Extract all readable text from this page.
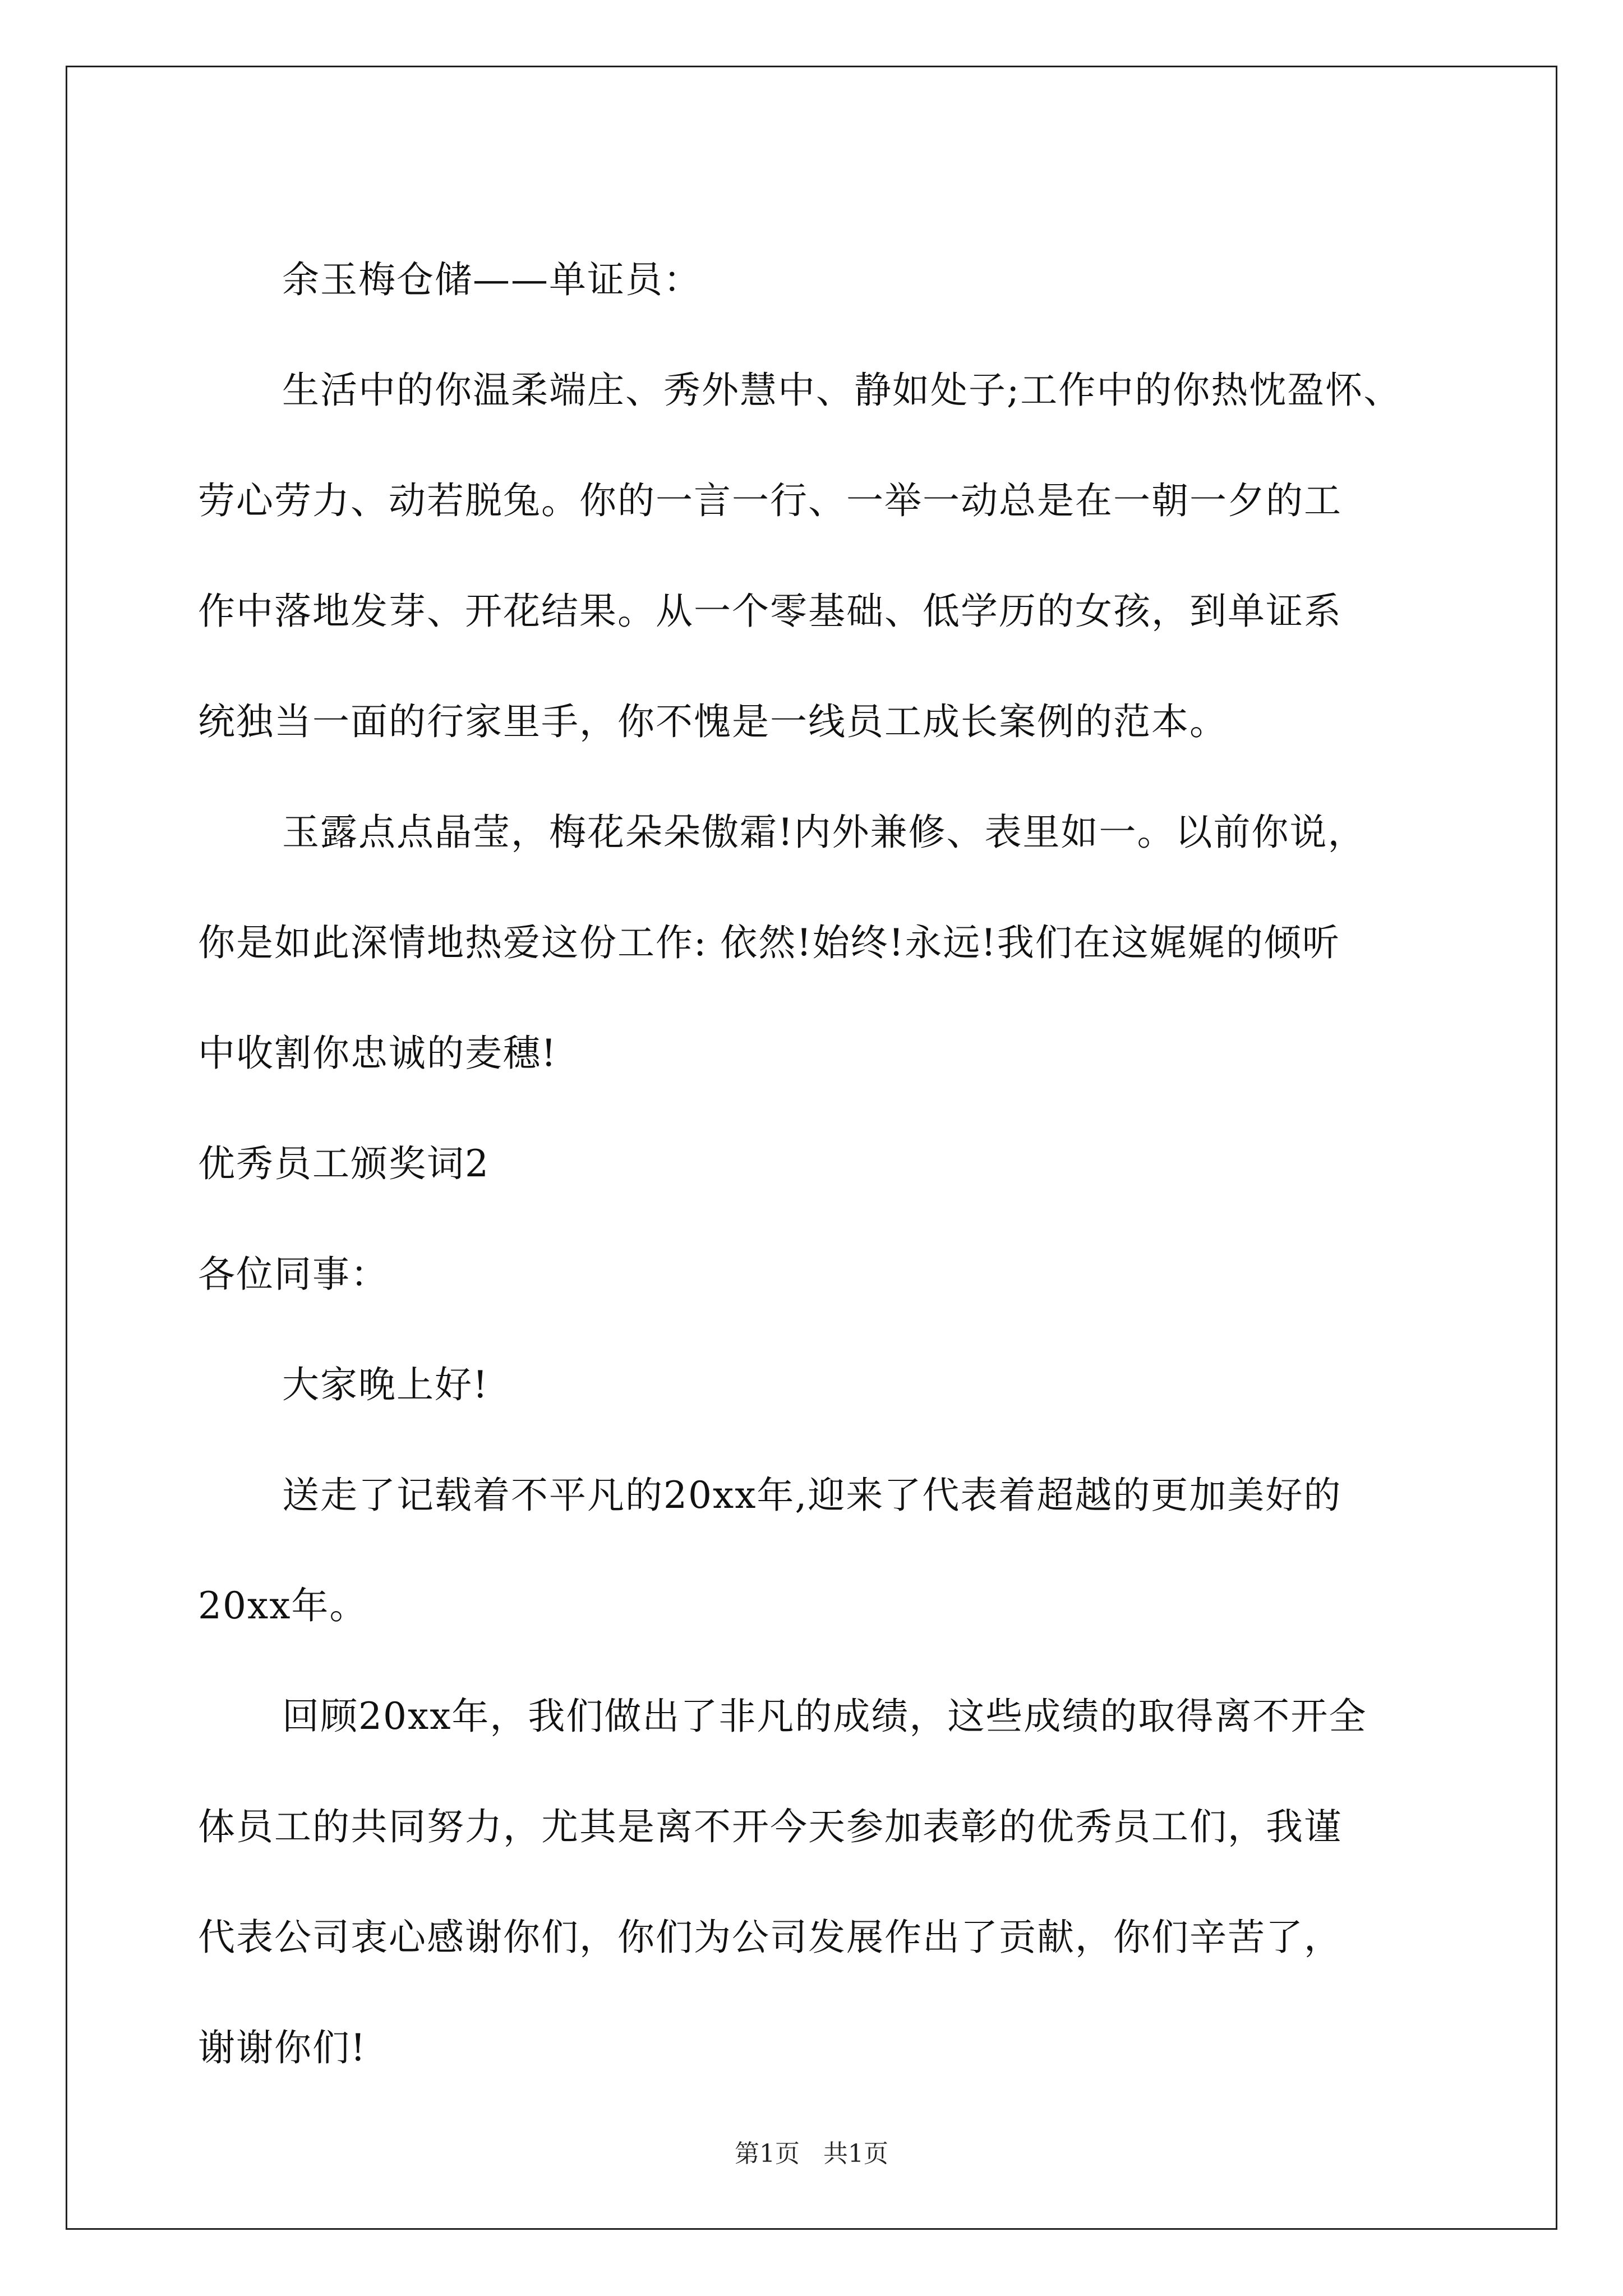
余玉梅仓储——单证员：

生活中的你温柔端庄、秀外慧中、静如处子;工作中的你热忱盈怀、

劳心劳力、动若脱兔。你的一言一行、一举一动总是在一朝一夕的工

作中落地发芽、开花结果。从一个零基础、低学历的女孩，到单证系

统独当一面的行家里手，你不愧是一线员工成长案例的范本。

玉露点点晶莹，梅花朵朵傲霜!内外兼修、表里如一。以前你说，

你是如此深情地热爱这份工作: 依然!始终!永远!我们在这娓娓的倾听

中收割你忠诚的麦穗!

优秀员工颁奖词2

各位同事：

大家晚上好!

送走了记载着不平凡的20xx年,迎来了代表着超越的更加美好的

20xx年。

回顾20xx年，我们做出了非凡的成绩，这些成绩的取得离不开全

体员工的共同努力，尤其是离不开今天参加表彰的优秀员工们，我谨

代表公司衷心感谢你们，你们为公司发展作出了贡献，你们辛苦了，

谢谢你们!

第1页   共1页
